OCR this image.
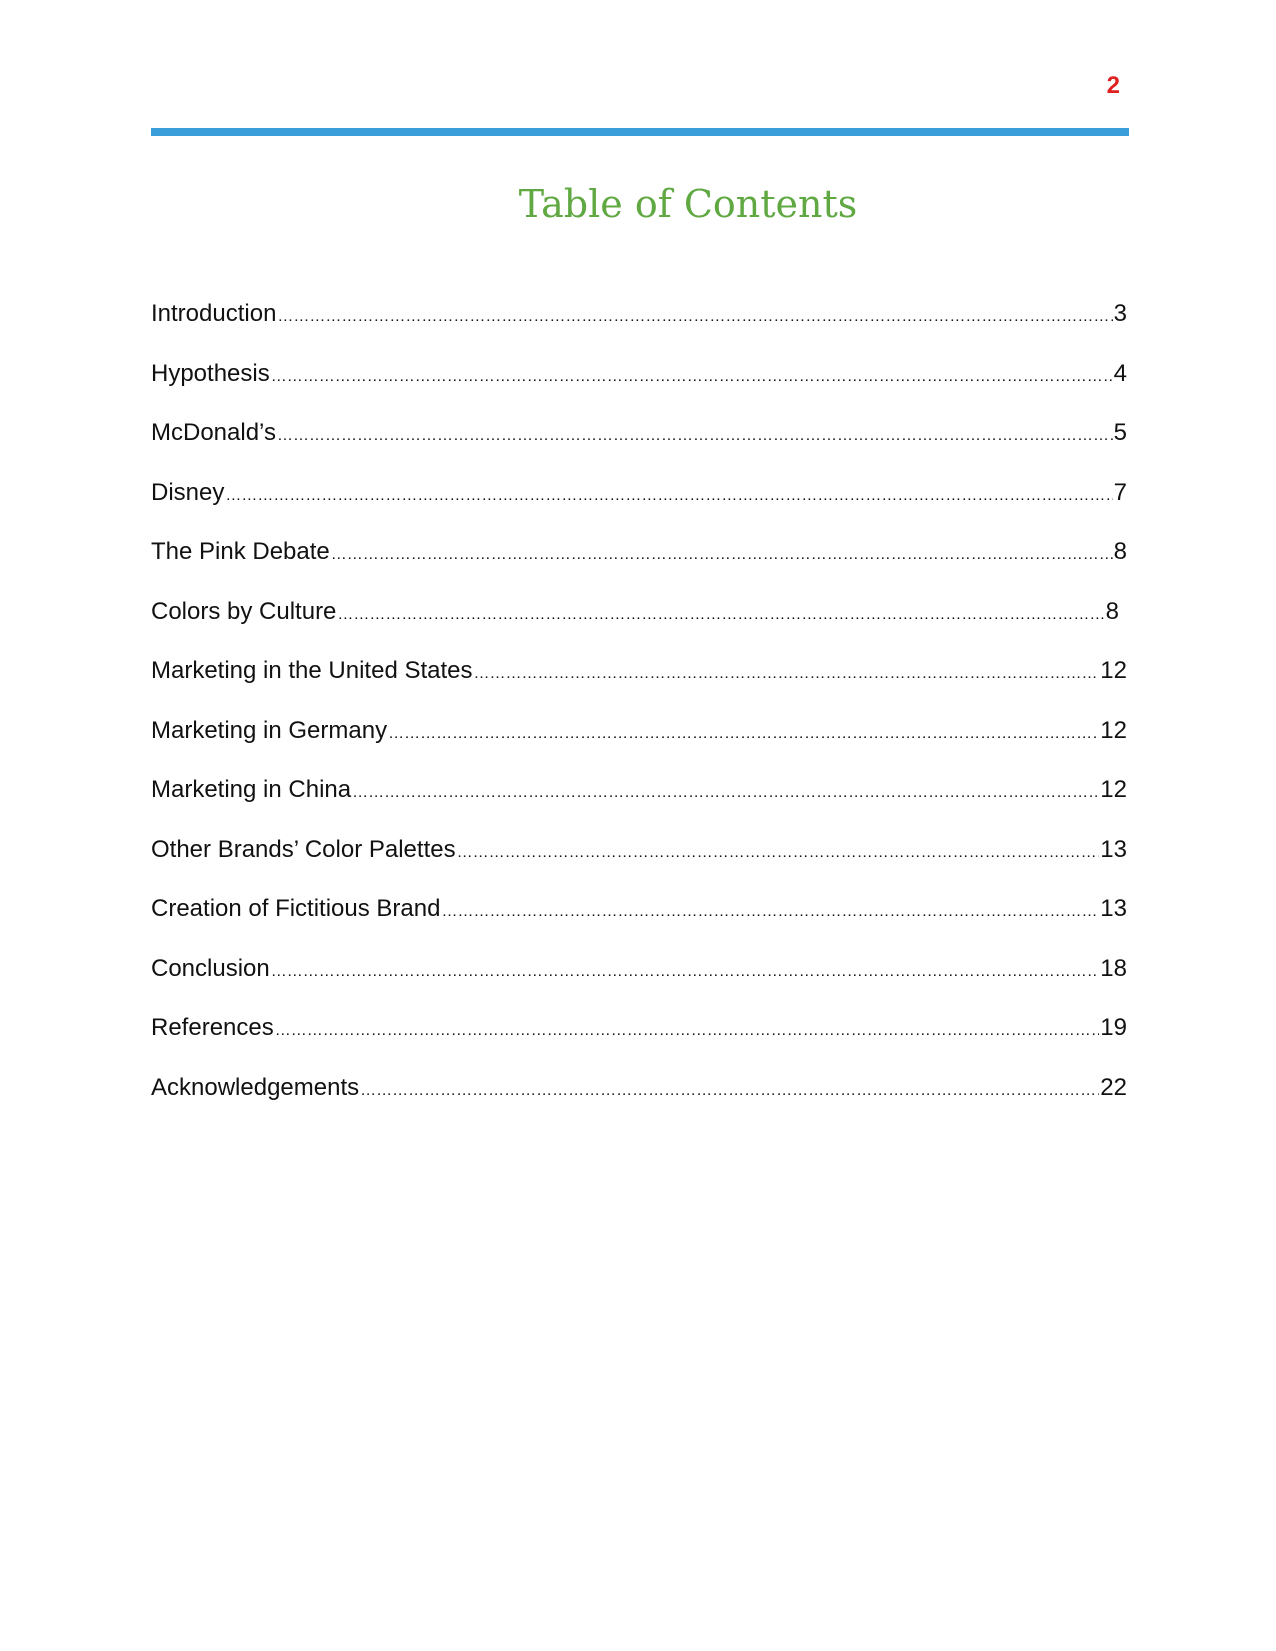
2
Table of Contents
Introduction ………………………………………………………………………………………………………………………………………………………………………………………………………………………………	3
Hypothesis ………………………………………………………………………………………………………………………………………………………………………………………………………………………………	4
McDonald’s ………………………………………………………………………………………………………………………………………………………………………………………………………………………………	5
Disney ………………………………………………………………………………………………………………………………………………………………………………………………………………………………	7
The Pink Debate ………………………………………………………………………………………………………………………………………………………………………………………………………………………………	8
Colors by Culture ………………………………………………………………………………………………………………………………………………………………………………………………………………………………	8
Marketing in the United States ………………………………………………………………………………………………………………………………………………………………………………………………………………………………	12
Marketing in Germany ………………………………………………………………………………………………………………………………………………………………………………………………………………………………	12
Marketing in China ………………………………………………………………………………………………………………………………………………………………………………………………………………………………	12
Other Brands’ Color Palettes ………………………………………………………………………………………………………………………………………………………………………………………………………………………………	13
Creation of Fictitious Brand ………………………………………………………………………………………………………………………………………………………………………………………………………………………………	13
Conclusion ………………………………………………………………………………………………………………………………………………………………………………………………………………………………	18
References ………………………………………………………………………………………………………………………………………………………………………………………………………………………………	19
Acknowledgements ………………………………………………………………………………………………………………………………………………………………………………………………………………………………	22
